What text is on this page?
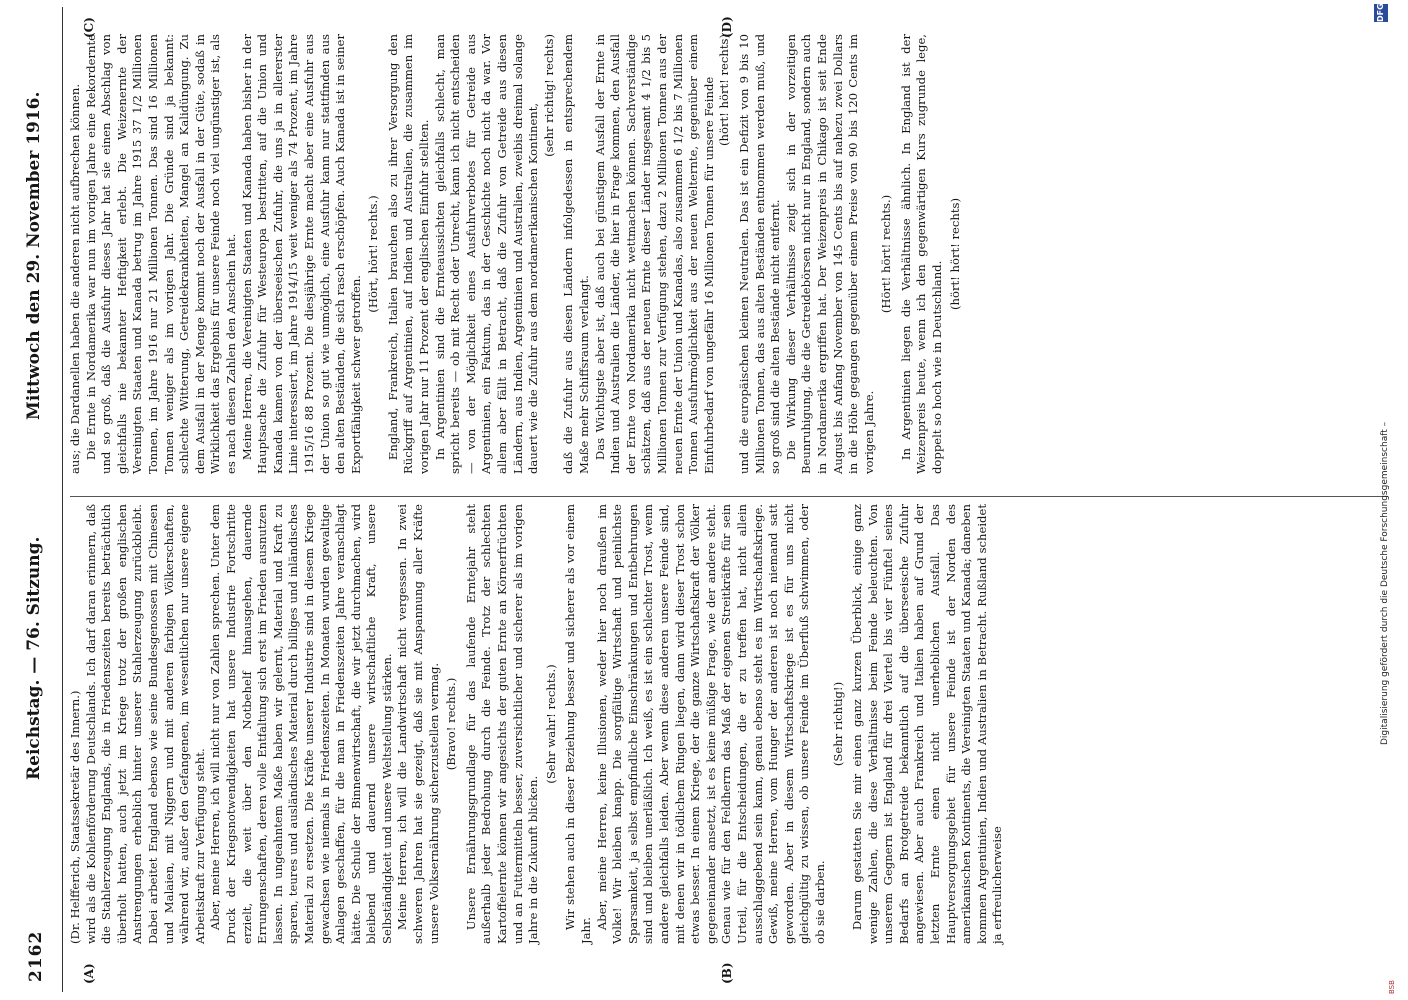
2162
Reichstag. — 76. Sitzung.
Mittwoch den 29. November 1916.
(A)	(B)
(C)	(D)

(Dr. Helfferich, Staatssekretär des Innern.) wird als die Kohlenförderung Deutschlands. Ich darf daran erinnern, daß die Stahlerzeugung Englands, die in Friedenszeiten bereits beträchtlich überholt hatten, auch jetzt im Kriege trotz der großen englischen Anstrengungen erheblich hinter unserer Stahlerzeugung zurückbleibt. Dabei arbeitet England ebenso wie seine Bundesgenossen mit Chinesen und Malaien, mit Niggern und mit anderen farbigen Völkerschaften, während wir, außer den Gefangenen, im wesentlichen nur unsere eigene Arbeitskraft zur Verfügung steht. Aber, meine Herren, ich will nicht nur von Zahlen sprechen. Unter dem Druck der Kriegsnotwendigkeiten hat unsere Industrie Fortschritte erzielt, die weit über den Notbehelf hinausgehen, dauernde Errungenschaften, deren volle Entfaltung sich erst im Frieden ausnutzen lassen. In ungeahntem Maße haben wir gelernt, Material und Kraft zu sparen, teures und ausländisches Material durch billiges und inländisches Material zu ersetzen. Die Kräfte unserer Industrie sind in diesem Kriege gewachsen wie niemals in Friedenszeiten. In Monaten wurden gewaltige Anlagen geschaffen, für die man in Friedenszeiten Jahre veranschlagt hätte. Die Schule der Binnenwirtschaft, die wir jetzt durchmachen, wird bleibend und dauernd unsere wirtschaftliche Kraft, unsere Selbständigkeit und unsere Weltstellung stärken. Meine Herren, ich will die Landwirtschaft nicht vergessen. In zwei schweren Jahren hat sie gezeigt, daß sie mit Anspannung aller Kräfte unsere Volksernährung sicherzustellen vermag. (Bravo! rechts.) Unsere Ernährungsgrundlage für das laufende Erntejahr steht außerhalb jeder Bedrohung durch die Feinde. Trotz der schlechten Kartoffelernte können wir angesichts der guten Ernte an Körnerfrüchten und an Futtermitteln besser, zuversichtlicher und sicherer als im vorigen Jahre in die Zukunft blicken.

(Sehr wahr! rechts.) Wir stehen auch in dieser Beziehung besser und sicherer als vor einem Jahr.

Aber, meine Herren, keine Illusionen, weder hier noch draußen im Volke! Wir bleiben knapp. Die sorgfältige Wirtschaft und peinlichste Sparsamkeit, ja selbst empfindliche Einschränkungen und Entbehrungen sind und bleiben unerläßlich. Ich weiß, es ist ein schlechter Trost, wenn andere gleichfalls leiden. Aber wenn diese anderen unsere Feinde sind, mit denen wir in tödlichem Ringen liegen, dann wird dieser Trost schon etwas besser. In einem Kriege, der die ganze Wirtschaftskraft der Völker gegeneinander ansetzt, ist es keine müßige Frage, wie der andere steht. Genau wie für den Feldherrn das Maß der eigenen Streitkräfte für sein Urteil, für die Entscheidungen, die er zu treffen hat, nicht allein ausschlaggebend sein kann, genau ebenso steht es im Wirtschaftskriege. Gewiß, meine Herren, vom Hunger der anderen ist noch niemand satt geworden. Aber in diesem Wirtschaftskriege ist es für uns nicht gleichgültig zu wissen, ob unsere Feinde im Überfluß schwimmen, oder ob sie darben.

(Sehr richtig!) Darum gestatten Sie mir einen ganz kurzen Überblick, einige ganz wenige Zahlen, die diese Verhältnisse beim Feinde beleuchten. Von unserem Gegnern ist England für drei Viertel bis vier Fünftel seines Bedarfs an Brotgetreide bekanntlich auf die überseeische Zufuhr angewiesen. Aber auch Frankreich und Italien haben auf Grund der letzten Ernte einen nicht unerheblichen Ausfall. Das Hauptversorgungsgebiet für unsere Feinde ist der Norden des amerikanischen Kontinents, die Vereinigten Staaten und Kanada; daneben kommen Argentinien, Indien und Australien in Betracht. Rußland scheidet ja erfreulicherweise

aus; die Dardanellen haben die anderen nicht aufbrechen können. Die Ernte in Nordamerika war nun im vorigen Jahre eine Rekordernte und so groß, daß die Ausfuhr dieses Jahr hat sie einen Abschlag von gleichfalls nie bekannter Heftigkeit erlebt. Die Weizenernte der Vereinigten Staaten und Kanada betrug im Jahre 1915 37 1/2 Millionen Tonnen, im Jahre 1916 nur 21 Millionen Tonnen. Das sind 16 Millionen Tonnen weniger als im vorigen Jahr. Die Gründe sind ja bekannt: schlechte Witterung, Getreidekrankheiten, Mangel an Kalidüngung. Zu dem Ausfall in der Menge kommt noch der Ausfall in der Güte, sodaß in Wirklichkeit das Ergebnis für unsere Feinde noch viel ungünstiger ist, als es nach diesen Zahlen den Anschein hat. Meine Herren, die Vereinigten Staaten und Kanada haben bisher in der Hauptsache die Zufuhr für Westeuropa bestritten, auf die Union und Kanada kamen von der überseeischen Zufuhr, die uns ja in allererster Linie interessiert, im Jahre 1914/15 weit weniger als 74 Prozent, im Jahre 1915/16 88 Prozent. Die diesjährige Ernte macht aber eine Ausfuhr aus der Union so gut wie unmöglich, eine Ausfuhr kann nur stattfinden aus den alten Beständen, die sich rasch erschöpfen. Auch Kanada ist in seiner Exportfähigkeit schwer getroffen.

(Hört, hört! rechts.) England, Frankreich, Italien brauchen also zu ihrer Versorgung den Rückgriff auf Argentinien, auf Indien und Australien, die zusammen im vorigen Jahr nur 11 Prozent der englischen Einfuhr stellten. In Argentinien sind die Ernteaussichten gleichfalls schlecht, man spricht bereits — ob mit Recht oder Unrecht, kann ich nicht entscheiden — von der Möglichkeit eines Ausfuhrverbotes für Getreide aus Argentinien, ein Faktum, das in der Geschichte noch nicht da war. Vor allem aber fällt in Betracht, daß die Zufuhr von Getreide aus diesen Ländern, aus Indien, Argentinien und Australien, zweibis dreimal solange dauert wie die Zufuhr aus dem nordamerikanischen Kontinent,

(sehr richtig! rechts) daß die Zufuhr aus diesen Ländern infolgedessen in entsprechendem Maße mehr Schiffsraum verlangt. Das Wichtigste aber ist, daß auch bei günstigem Ausfall der Ernte in Indien und Australien die Länder, die hier in Frage kommen, den Ausfall der Ernte von Nordamerika nicht wettmachen können. Sachverständige schätzen, daß aus der neuen Ernte dieser Länder insgesamt 4 1/2 bis 5 Millionen Tonnen zur Verfügung stehen, dazu 2 Millionen Tonnen aus der neuen Ernte der Union und Kanadas, also zusammen 6 1/2 bis 7 Millionen Tonnen Ausfuhrmöglichkeit aus der neuen Welternte, gegenüber einem Einfuhrbedarf von ungefähr 16 Millionen Tonnen für unsere Feinde (hört! hört! rechts) und die europäischen kleinen Neutralen. Das ist ein Defizit von 9 bis 10 Millionen Tonnen, das aus alten Beständen entnommen werden muß, und so groß sind die alten Bestände nicht entfernt. Die Wirkung dieser Verhältnisse zeigt sich in der vorzeitigen Beunruhigung, die die Getreidebörsen nicht nur in England, sondern auch in Nordamerika ergriffen hat. Der Weizenpreis in Chikago ist seit Ende August bis Anfang November von 145 Cents bis auf nahezu zwei Dollars in die Höhe gegangen gegenüber einem Preise von 90 bis 120 Cents im vorigen Jahre.

(Hört! hört! rechts.) In Argentinien liegen die Verhältnisse ähnlich. In England ist der Weizenpreis heute, wenn ich den gegenwärtigen Kurs zugrunde lege, doppelt so hoch wie in Deutschland.

(hört! hört! rechts)

Digitalisierung gefördert durch die Deutsche Forschungsgemeinschaft –
DFG
BSB
